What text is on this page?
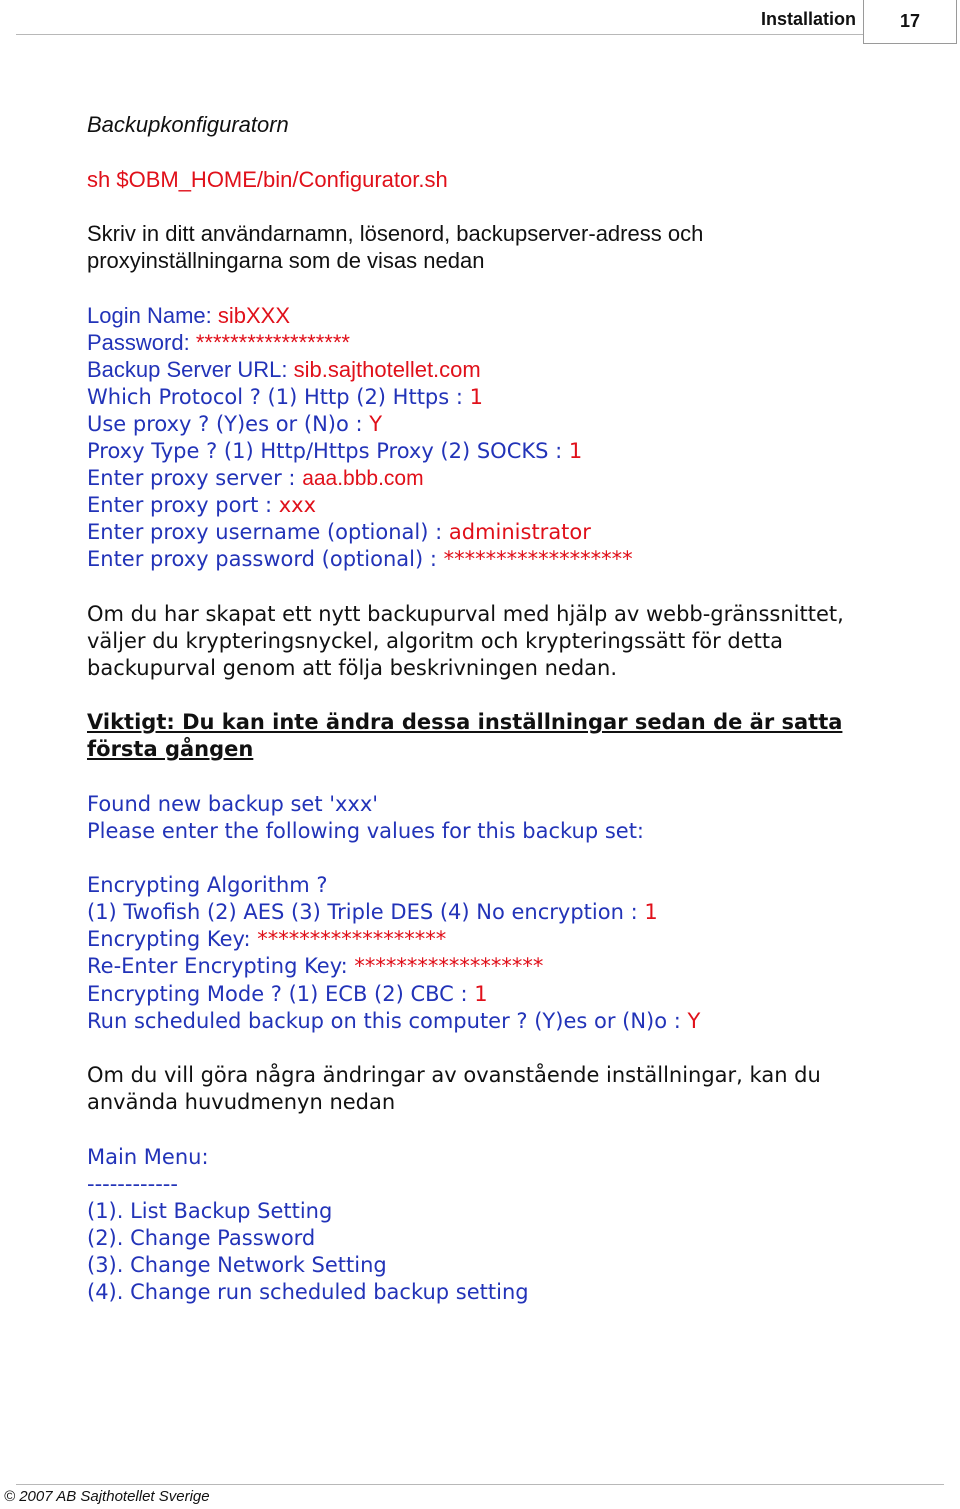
Installation	17
Backupkonfiguratorn
sh $OBM_HOME/bin/Configurator.sh
Skriv in ditt användarnamn, lösenord, backupserver-adress och
proxyinställningarna som de visas nedan
Login Name: sibXXX
Password: ******************
Backup Server URL: sib.sajthotellet.com
Which Protocol ? (1) Http (2) Https : 1
Use proxy ? (Y)es or (N)o : Y
Proxy Type ? (1) Http/Https Proxy (2) SOCKS : 1
Enter proxy server : aaa.bbb.com
Enter proxy port : xxx
Enter proxy username (optional) : administrator
Enter proxy password (optional) : ******************
Om du har skapat ett nytt backupurval med hjälp av webb-gränssnittet,
väljer du krypteringsnyckel, algoritm och krypteringssätt för detta
backupurval genom att följa beskrivningen nedan.
Viktigt: Du kan inte ändra dessa inställningar sedan de är satta
första gången
Found new backup set 'xxx'
Please enter the following values for this backup set:
Encrypting Algorithm ?
(1) Twofish (2) AES (3) Triple DES (4) No encryption : 1
Encrypting Key: ******************
Re-Enter Encrypting Key: ******************
Encrypting Mode ? (1) ECB (2) CBC : 1
Run scheduled backup on this computer ? (Y)es or (N)o : Y
Om du vill göra några ändringar av ovanstående inställningar, kan du
använda huvudmenyn nedan
Main Menu:
------------
(1). List Backup Setting
(2). Change Password
(3). Change Network Setting
(4). Change run scheduled backup setting
© 2007 AB Sajthotellet Sverige
